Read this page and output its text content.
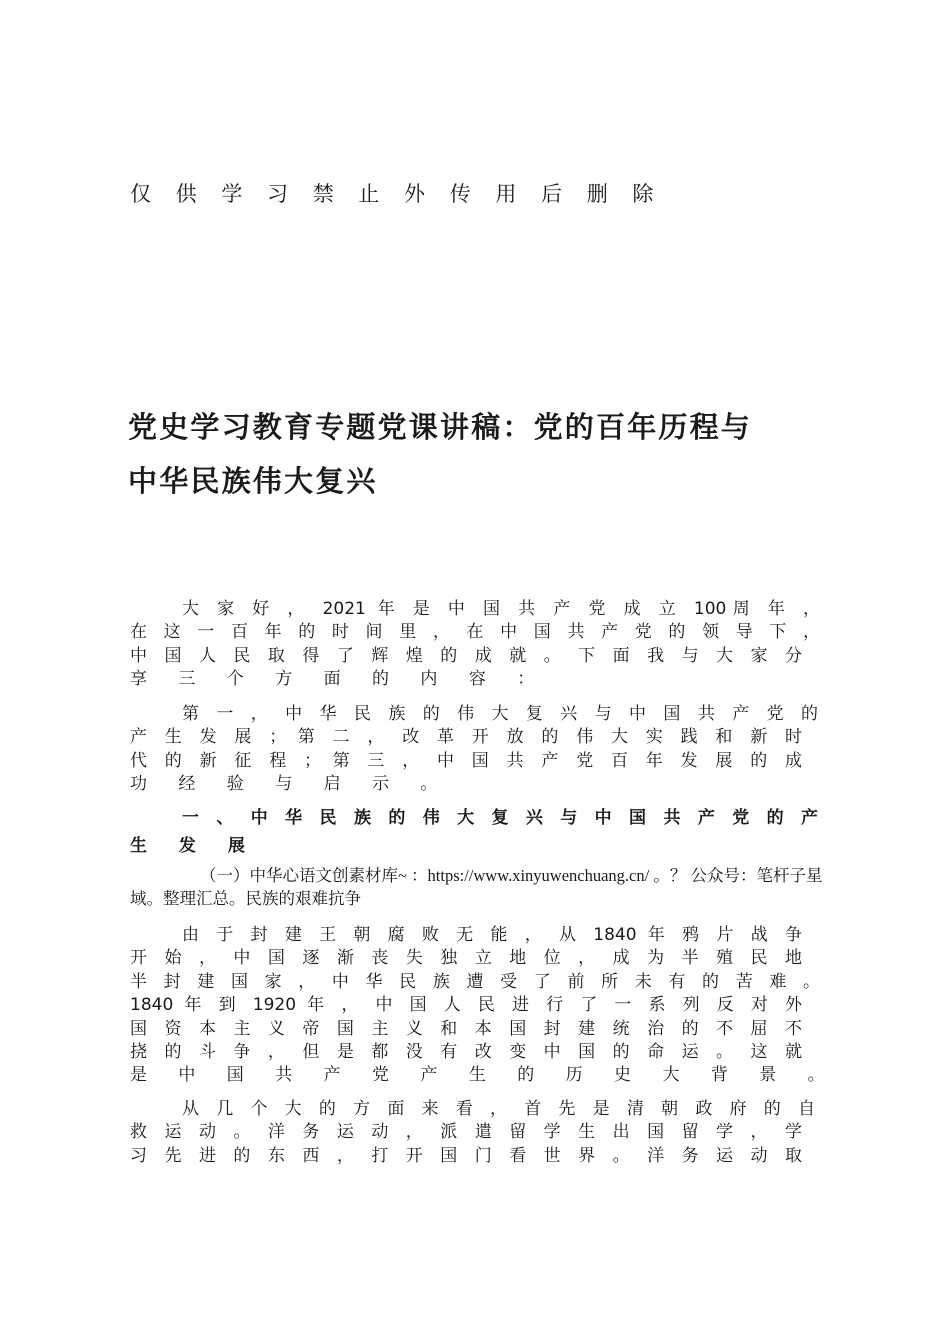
仅 供 学 习 禁 止 外 传 用 后 删 除
党史学习教育专题党课讲稿：党的百年历程与
中华民族伟大复兴
大 家 好 ， 2021 年 是 中 国 共 产 党 成 立 100周 年 ，
在 这 一 百 年 的 时 间 里 ， 在 中 国 共 产 党 的 领 导 下 ，
中 国 人 民 取 得 了 辉 煌 的 成 就 。 下 面 我 与 大 家 分
享 三 个 方 面 的 内 容 ：
第 一 ， 中 华 民 族 的 伟 大 复 兴 与 中 国 共 产 党 的
产 生 发 展 ； 第 二 ， 改 革 开 放 的 伟 大 实 践 和 新 时
代 的 新 征 程 ； 第 三 ， 中 国 共 产 党 百 年 发 展 的 成
功 经 验 与 启 示 。
一 、 中 华 民 族 的 伟 大 复 兴 与 中 国 共 产 党 的 产
生 发 展
（一）中华心语文创素材库~ ：https://www.xinyuwenchuang.cn/ 。？ 公众号：笔杆子星
域。整理汇总。民族的艰难抗争
由 于 封 建 王 朝 腐 败 无 能 ， 从 1840 年 鸦 片 战 争
开 始 ， 中 国 逐 渐 丧 失 独 立 地 位 ， 成 为 半 殖 民 地
半 封 建 国 家 ， 中 华 民 族 遭 受 了 前 所 未 有 的 苦 难 。
1840 年 到 1920 年 ， 中 国 人 民 进 行 了 一 系 列 反 对 外
国 资 本 主 义 帝 国 主 义 和 本 国 封 建 统 治 的 不 屈 不
挠 的 斗 争 ， 但 是 都 没 有 改 变 中 国 的 命 运 。 这 就
是 中 国 共 产 党 产 生 的 历 史 大 背 景 。
从 几 个 大 的 方 面 来 看 ， 首 先 是 清 朝 政 府 的 自
救 运 动 。 洋 务 运 动 ， 派 遣 留 学 生 出 国 留 学 ， 学
习 先 进 的 东 西 ， 打 开 国 门 看 世 界 。 洋 务 运 动 取
